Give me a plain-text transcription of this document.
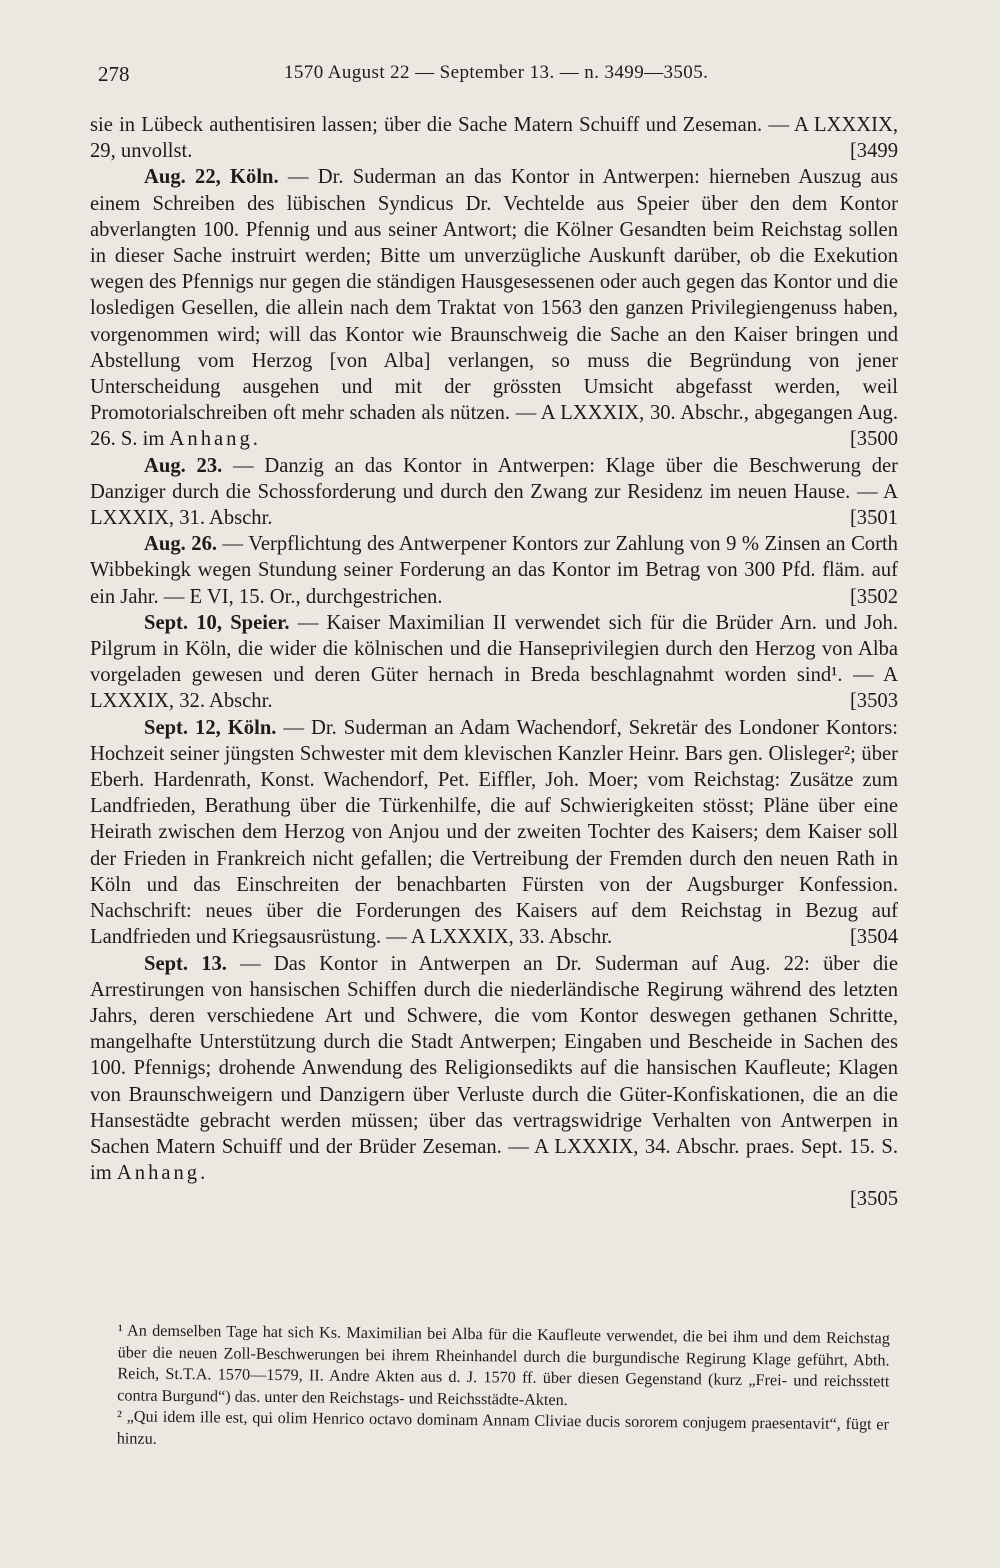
278	1570 August 22 — September 13. — n. 3499—3505.

sie in Lübeck authentisiren lassen; über die Sache Matern Schuiff und Zeseman. — A LXXXIX, 29, unvollst.	[3499

Aug. 22, Köln. — Dr. Suderman an das Kontor in Antwerpen: hierneben Auszug aus einem Schreiben des lübischen Syndicus Dr. Vechtelde aus Speier über den dem Kontor abverlangten 100. Pfennig und aus seiner Antwort; die Kölner Gesandten beim Reichstag sollen in dieser Sache instruirt werden; Bitte um unverzügliche Auskunft darüber, ob die Exekution wegen des Pfennigs nur gegen die ständigen Hausgesessenen oder auch gegen das Kontor und die losledigen Gesellen, die allein nach dem Traktat von 1563 den ganzen Privilegiengenuss haben, vorgenommen wird; will das Kontor wie Braunschweig die Sache an den Kaiser bringen und Abstellung vom Herzog [von Alba] verlangen, so muss die Begründung von jener Unterscheidung ausgehen und mit der grössten Umsicht abgefasst werden, weil Promotorialschreiben oft mehr schaden als nützen. — A LXXXIX, 30. Abschr., abgegangen Aug. 26. S. im Anhang.	[3500

Aug. 23. — Danzig an das Kontor in Antwerpen: Klage über die Beschwerung der Danziger durch die Schossforderung und durch den Zwang zur Residenz im neuen Hause. — A LXXXIX, 31. Abschr.	[3501

Aug. 26. — Verpflichtung des Antwerpener Kontors zur Zahlung von 9 % Zinsen an Corth Wibbekingk wegen Stundung seiner Forderung an das Kontor im Betrag von 300 Pfd. fläm. auf ein Jahr. — E VI, 15. Or., durchgestrichen.	[3502

Sept. 10, Speier. — Kaiser Maximilian II verwendet sich für die Brüder Arn. und Joh. Pilgrum in Köln, die wider die kölnischen und die Hanseprivilegien durch den Herzog von Alba vorgeladen gewesen und deren Güter hernach in Breda beschlagnahmt worden sind¹. — A LXXXIX, 32. Abschr.	[3503

Sept. 12, Köln. — Dr. Suderman an Adam Wachendorf, Sekretär des Londoner Kontors: Hochzeit seiner jüngsten Schwester mit dem klevischen Kanzler Heinr. Bars gen. Olisleger²; über Eberh. Hardenrath, Konst. Wachendorf, Pet. Eiffler, Joh. Moer; vom Reichstag: Zusätze zum Landfrieden, Berathung über die Türkenhilfe, die auf Schwierigkeiten stösst; Pläne über eine Heirath zwischen dem Herzog von Anjou und der zweiten Tochter des Kaisers; dem Kaiser soll der Frieden in Frankreich nicht gefallen; die Vertreibung der Fremden durch den neuen Rath in Köln und das Einschreiten der benachbarten Fürsten von der Augsburger Konfession. Nachschrift: neues über die Forderungen des Kaisers auf dem Reichstag in Bezug auf Landfrieden und Kriegsausrüstung. — A LXXXIX, 33. Abschr.	[3504

Sept. 13. — Das Kontor in Antwerpen an Dr. Suderman auf Aug. 22: über die Arrestirungen von hansischen Schiffen durch die niederländische Regirung während des letzten Jahrs, deren verschiedene Art und Schwere, die vom Kontor deswegen gethanen Schritte, mangelhafte Unterstützung durch die Stadt Antwerpen; Eingaben und Bescheide in Sachen des 100. Pfennigs; drohende Anwendung des Religionsedikts auf die hansischen Kaufleute; Klagen von Braunschweigern und Danzigern über Verluste durch die Güter-Konfiskationen, die an die Hansestädte gebracht werden müssen; über das vertragswidrige Verhalten von Antwerpen in Sachen Matern Schuiff und der Brüder Zeseman. — A LXXXIX, 34. Abschr. praes. Sept. 15. S. im Anhang.
[3505

¹ An demselben Tage hat sich Ks. Maximilian bei Alba für die Kaufleute verwendet, die bei ihm und dem Reichstag über die neuen Zoll-Beschwerungen bei ihrem Rheinhandel durch die burgundische Regirung Klage geführt, Abth. Reich, St.T.A. 1570—1579, II. Andre Akten aus d. J. 1570 ff. über diesen Gegenstand (kurz „Frei- und reichsstett contra Burgund“) das. unter den Reichstags- und Reichsstädte-Akten.

² „Qui idem ille est, qui olim Henrico octavo dominam Annam Cliviae ducis sororem conjugem praesentavit“, fügt er hinzu.
